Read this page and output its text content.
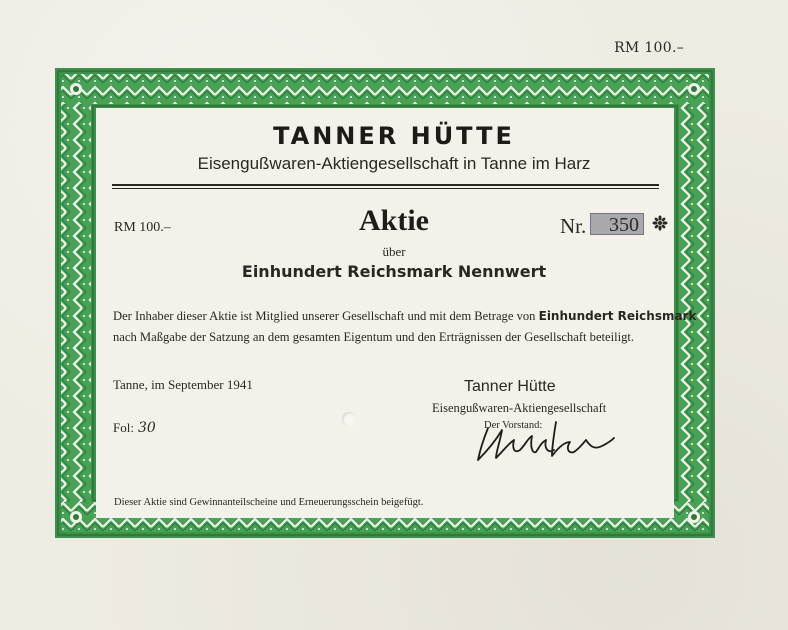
RM 100.–
TANNER HÜTTE
Eisengußwaren-Aktiengesellschaft in Tanne im Harz
RM 100.–	Aktie	Nr.	350
über
Einhundert Reichsmark Nennwert
Der Inhaber dieser Aktie ist Mitglied unserer Gesellschaft und mit dem Betrage von Einhundert Reichsmark
nach Maßgabe der Satzung an dem gesamten Eigentum und den Erträgnissen der Gesellschaft beteiligt.
Tanne, im September 1941	Tanner Hütte
Eisengußwaren-Aktiengesellschaft
Der Vorstand:
Fol: 30
Dieser Aktie sind Gewinnanteilscheine und Erneuerungsschein beigefügt.
